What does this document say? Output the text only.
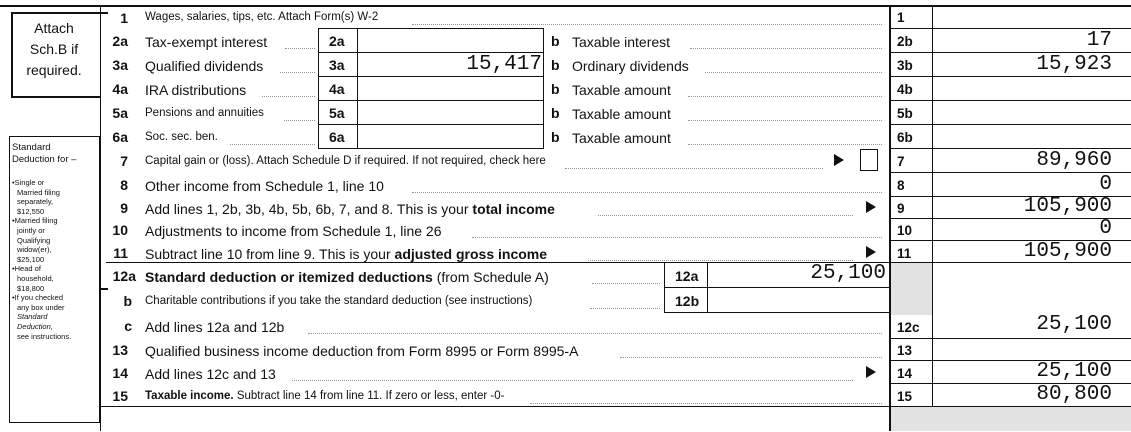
Attach
Sch.B if
required.
Standard
Deduction for –
• Single or
Married filing
separately,
$12,550
• Married filing
jointly or
Qualifying
widow(er),
$25,100
• Head of
household,
$18,800
• If you checked
any box under
Standard
Deduction,
see instructions.
1 Wages, salaries, tips, etc. Attach Form(s) W-2	1
2a Tax-exempt interest	2a	b Taxable interest	2b	17
3a Qualified dividends	3a	15,417 b Ordinary dividends	3b	15,923
4a IRA distributions	4a	b Taxable amount	4b
5a Pensions and annuities	5a	b Taxable amount	5b
6a Soc. sec. ben.	6a	b Taxable amount	6b
7 Capital gain or (loss). Attach Schedule D if required. If not required, check here	7	89,960
8 Other income from Schedule 1, line 10	8	0
9 Add lines 1, 2b, 3b, 4b, 5b, 6b, 7, and 8. This is your total income	9	105,900
10 Adjustments to income from Schedule 1, line 26	10	0
11 Subtract line 10 from line 9. This is your adjusted gross income	11	105,900
12a Standard deduction or itemized deductions (from Schedule A)	12a	25,100
b Charitable contributions if you take the standard deduction (see instructions)	12b
c Add lines 12a and 12b	12c	25,100
13 Qualified business income deduction from Form 8995 or Form 8995-A	13
14 Add lines 12c and 13	14	25,100
15 Taxable income. Subtract line 14 from line 11. If zero or less, enter -0-	15	80,800
